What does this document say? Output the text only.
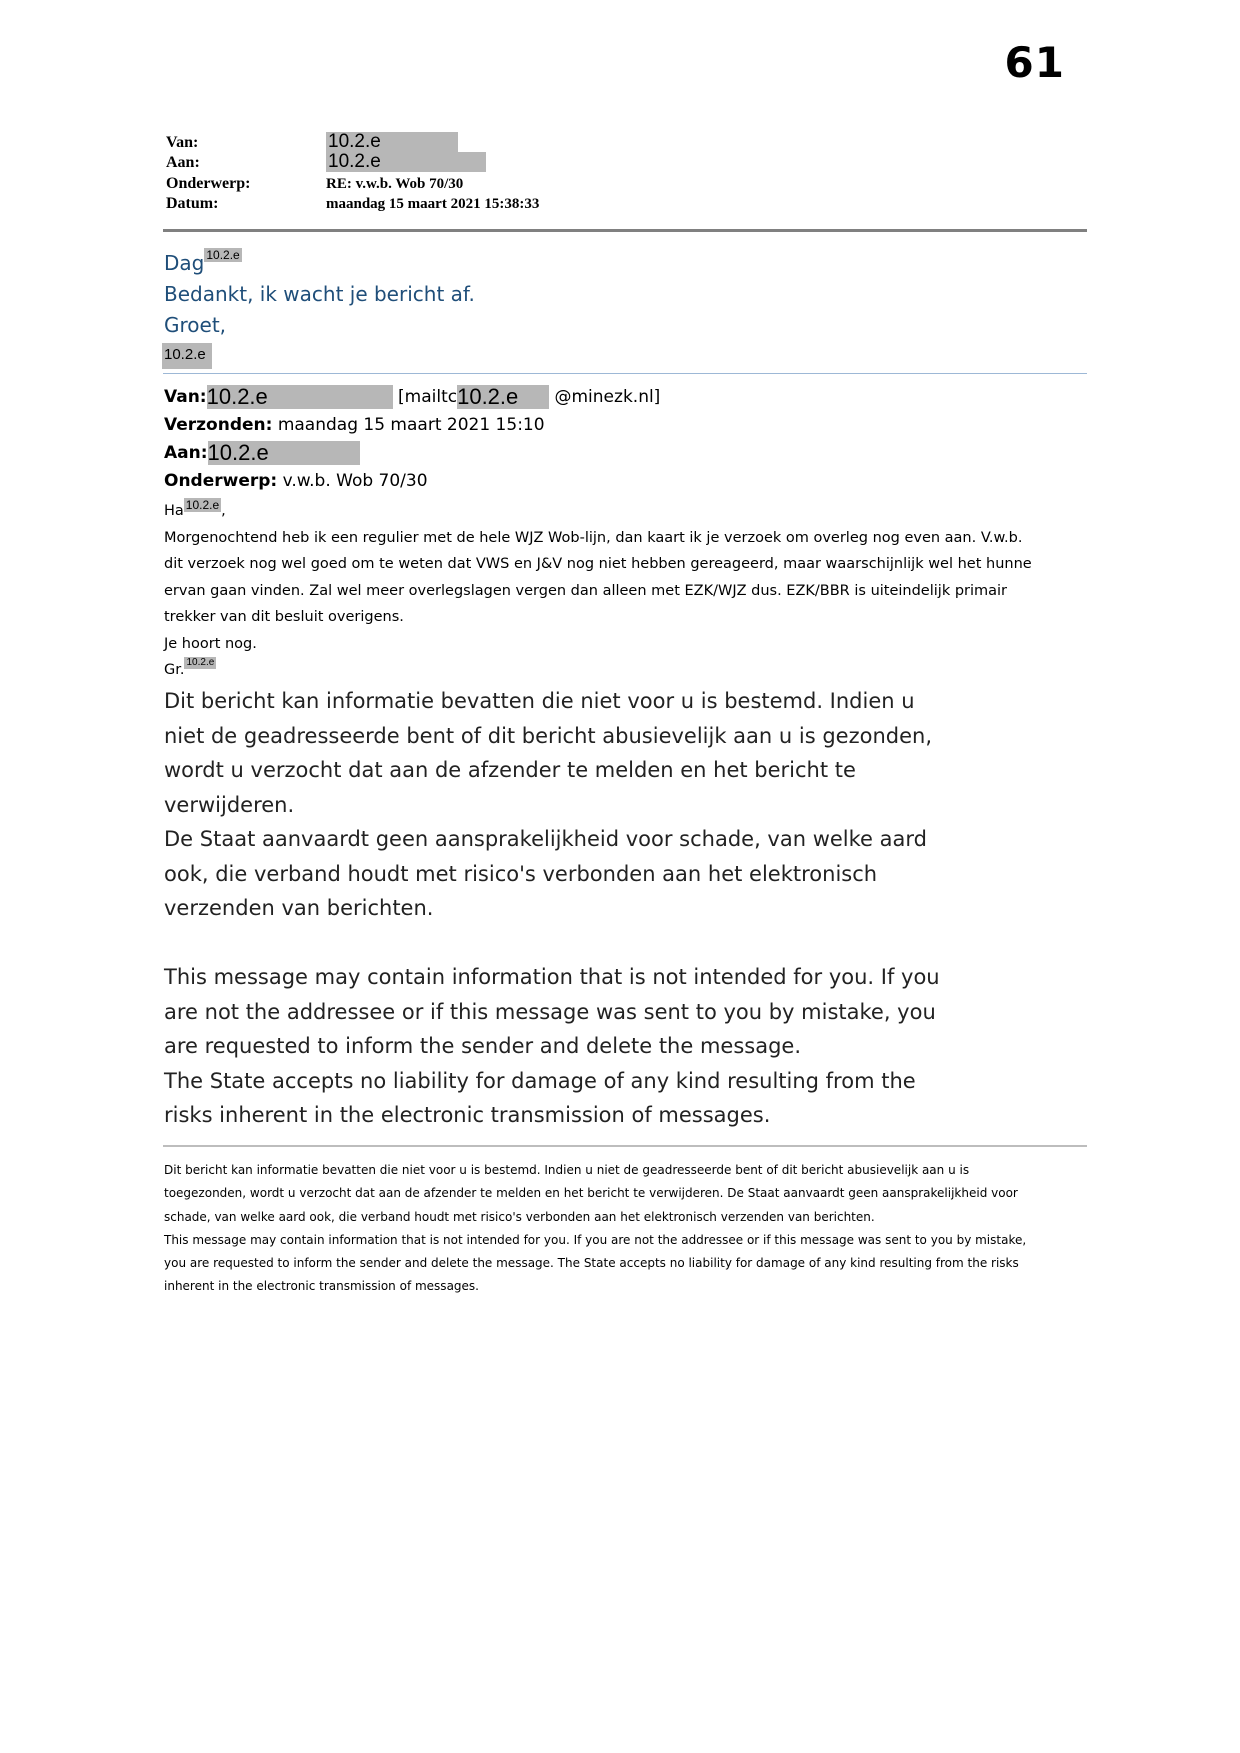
61
Van:	10.2.e
Aan:	10.2.e
Onderwerp:	RE: v.w.b. Wob 70/30
Datum:	maandag 15 maart 2021 15:38:33
Dag 10.2.e
Bedankt, ik wacht je bericht af.
Groet,
10.2.e
Van:10.2.e	[mailtc10.2.e @minezk.nl]
Verzonden: maandag 15 maart 2021 15:10
Aan:10.2.e
Onderwerp: v.w.b. Wob 70/30
Ha 10.2.e ,
Morgenochtend heb ik een regulier met de hele WJZ Wob-lijn, dan kaart ik je verzoek om overleg nog even aan. V.w.b.
dit verzoek nog wel goed om te weten dat VWS en J&V nog niet hebben gereageerd, maar waarschijnlijk wel het hunne
ervan gaan vinden. Zal wel meer overlegslagen vergen dan alleen met EZK/WJZ dus. EZK/BBR is uiteindelijk primair
trekker van dit besluit overigens.
Je hoort nog.
Gr. 10.2.e
Dit bericht kan informatie bevatten die niet voor u is bestemd. Indien u
niet de geadresseerde bent of dit bericht abusievelijk aan u is gezonden,
wordt u verzocht dat aan de afzender te melden en het bericht te
verwijderen.
De Staat aanvaardt geen aansprakelijkheid voor schade, van welke aard
ook, die verband houdt met risico's verbonden aan het elektronisch
verzenden van berichten.
This message may contain information that is not intended for you. If you
are not the addressee or if this message was sent to you by mistake, you
are requested to inform the sender and delete the message.
The State accepts no liability for damage of any kind resulting from the
risks inherent in the electronic transmission of messages.
Dit bericht kan informatie bevatten die niet voor u is bestemd. Indien u niet de geadresseerde bent of dit bericht abusievelijk aan u is
toegezonden, wordt u verzocht dat aan de afzender te melden en het bericht te verwijderen. De Staat aanvaardt geen aansprakelijkheid voor
schade, van welke aard ook, die verband houdt met risico's verbonden aan het elektronisch verzenden van berichten.
This message may contain information that is not intended for you. If you are not the addressee or if this message was sent to you by mistake,
you are requested to inform the sender and delete the message. The State accepts no liability for damage of any kind resulting from the risks
inherent in the electronic transmission of messages.
